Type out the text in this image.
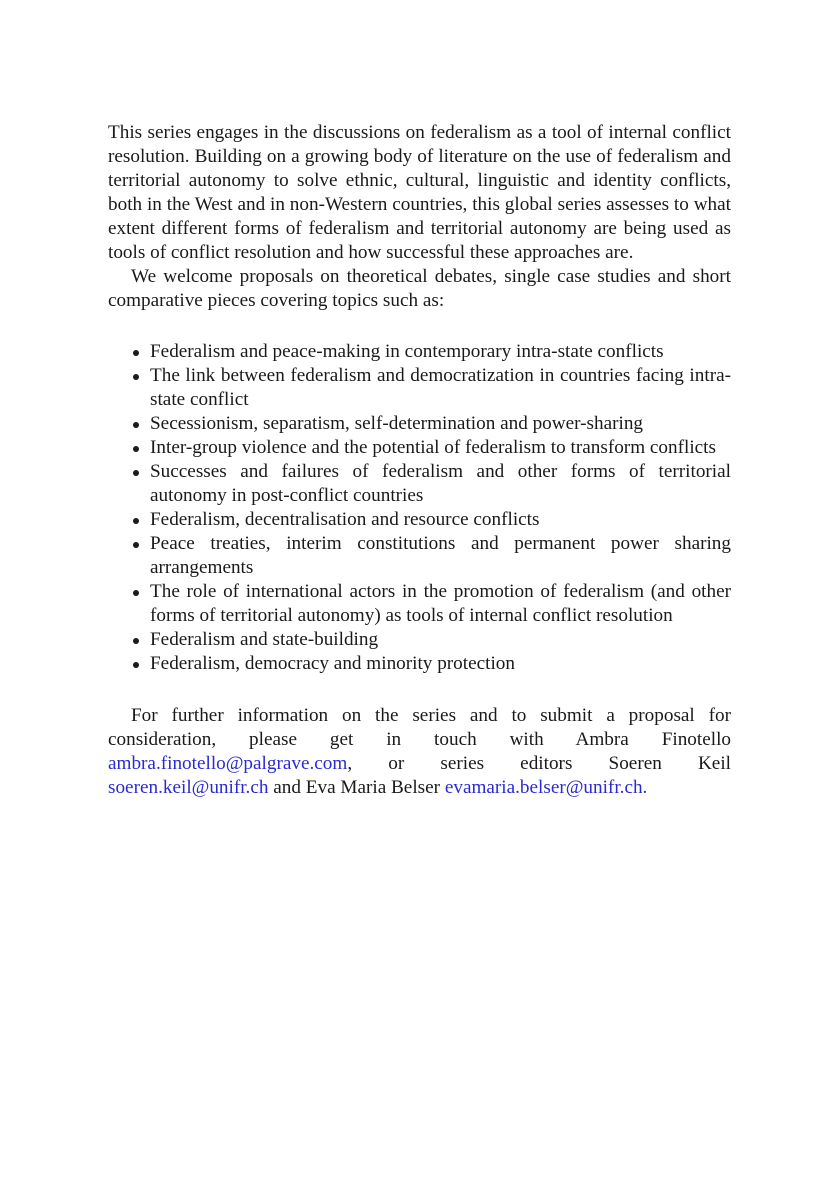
This series engages in the discussions on federalism as a tool of internal conflict resolution. Building on a growing body of literature on the use of federalism and territorial autonomy to solve ethnic, cultural, linguistic and identity conflicts, both in the West and in non-Western countries, this global series assesses to what extent different forms of federalism and territorial autonomy are being used as tools of conflict resolution and how successful these approaches are.

We welcome proposals on theoretical debates, single case studies and short comparative pieces covering topics such as:

Federalism and peace-making in contemporary intra-state conflicts
The link between federalism and democratization in countries facing intra-state conflict
Secessionism, separatism, self-determination and power-sharing
Inter-group violence and the potential of federalism to transform conflicts
Successes and failures of federalism and other forms of territorial autonomy in post-conflict countries
Federalism, decentralisation and resource conflicts
Peace treaties, interim constitutions and permanent power sharing arrangements
The role of international actors in the promotion of federalism (and other forms of territorial autonomy) as tools of internal conflict resolution
Federalism and state-building
Federalism, democracy and minority protection

For further information on the series and to submit a proposal for consideration, please get in touch with Ambra Finotello ambra.finotello@palgrave.com, or series editors Soeren Keil soeren.keil@unifr.ch and Eva Maria Belser evamaria.belser@unifr.ch.
